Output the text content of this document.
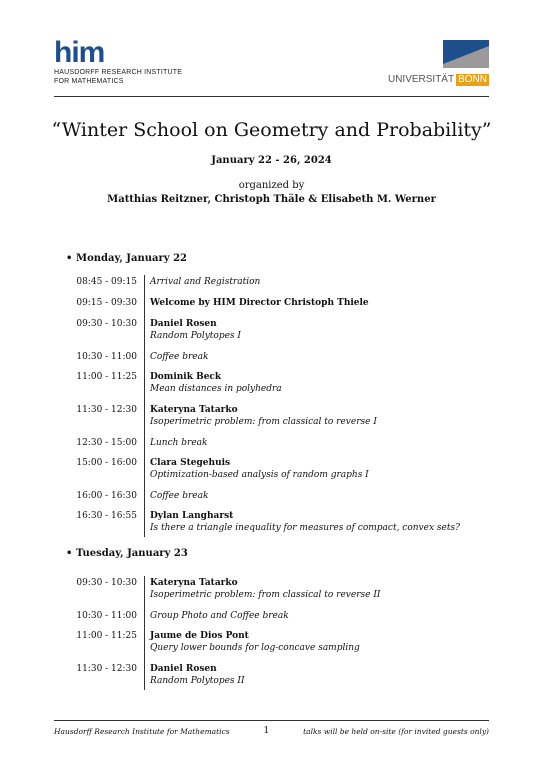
him
HAUSDORFF RESEARCH INSTITUTE
FOR MATHEMATICS	UNIVERSITÄT BONN
“Winter School on Geometry and Probability”
January 22 - 26, 2024
organized by
Matthias Reitzner, Christoph Thäle & Elisabeth M. Werner
• Monday, January 22
08:45 - 09:15	Arrival and Registration
09:15 - 09:30	Welcome by HIM Director Christoph Thiele
09:30 - 10:30	Daniel Rosen
Random Polytopes I
10:30 - 11:00	Coffee break
11:00 - 11:25	Dominik Beck
Mean distances in polyhedra
11:30 - 12:30	Kateryna Tatarko
Isoperimetric problem: from classical to reverse I
12:30 - 15:00	Lunch break
15:00 - 16:00	Clara Stegehuis
Optimization-based analysis of random graphs I
16:00 - 16:30	Coffee break
16:30 - 16:55	Dylan Langharst
Is there a triangle inequality for measures of compact, convex sets?
• Tuesday, January 23
09:30 - 10:30	Kateryna Tatarko
Isoperimetric problem: from classical to reverse II
10:30 - 11:00	Group Photo and Coffee break
11:00 - 11:25	Jaume de Dios Pont
Query lower bounds for log-concave sampling
11:30 - 12:30	Daniel Rosen
Random Polytopes II
Hausdorff Research Institute for Mathematics	1	talks will be held on-site (for invited guests only)
